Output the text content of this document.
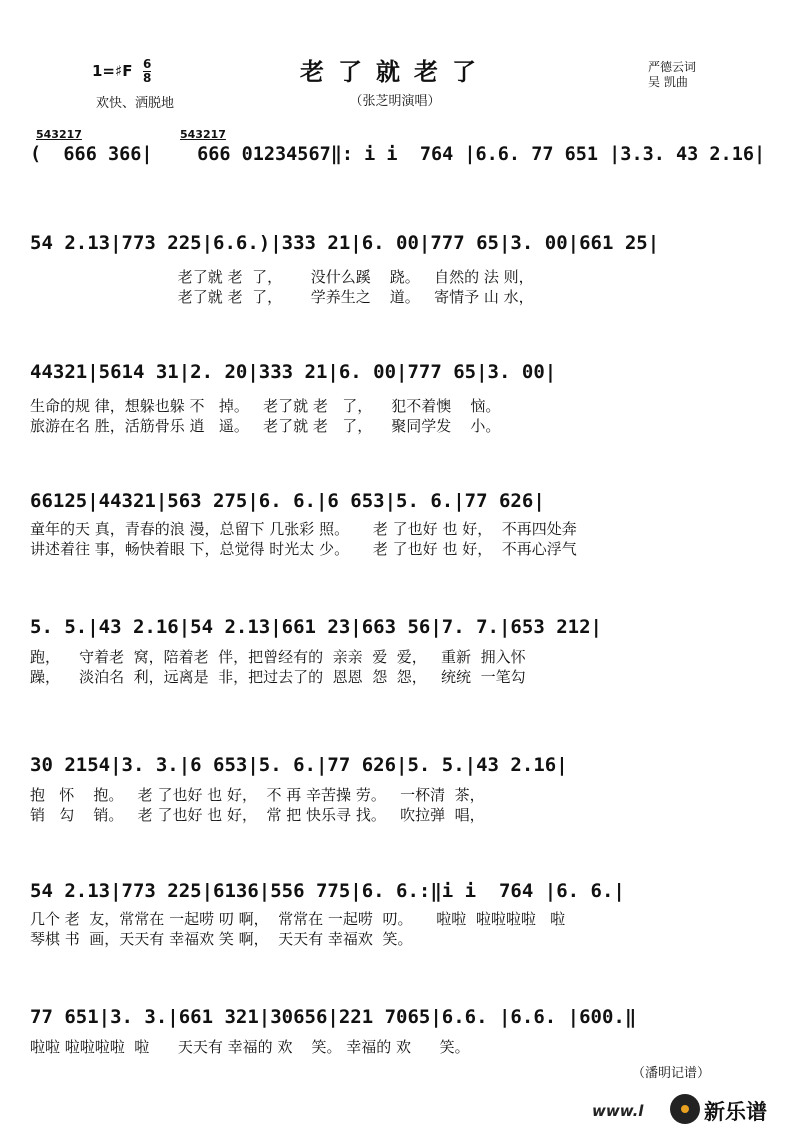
老了就老了
（张芝明演唱）
1=♯F 6
8
欢快、洒脱地
严德云词
吴 凯曲
543217	543217
(  666 366|    666 01234567‖: i i  764 |6.6. 77 651 |3.3. 43 2.16|
54 2.13|773 225|6.6.)|333 21|6. 00|777 65|3. 00|661 25|
老了就 老  了，      没什么蹊    跷。   自然的 法 则，
老了就 老  了，      学养生之    道。   寄情予 山 水，
44321|5614 31|2. 20|333 21|6. 00|777 65|3. 00|
生命的规 律，想躲也躲 不   掉。   老了就 老   了，    犯不着懊    恼。
旅游在名 胜，活筋骨乐 逍   遥。   老了就 老   了，    聚同学发    小。
66125|44321|563 275|6. 6.|6 653|5. 6.|77 626|
童年的天 真，青春的浪 漫，总留下 几张彩 照。     老 了也好 也 好，  不再四处奔
讲述着往 事，畅快着眼 下，总觉得 时光太 少。     老 了也好 也 好，  不再心浮气
5. 5.|43 2.16|54 2.13|661 23|663 56|7. 7.|653 212|
跑，    守着老  窝，陪着老  伴，把曾经有的  亲亲  爱  爱，   重新  拥入怀
躁，    淡泊名  利，远离是  非，把过去了的  恩恩  怨  怨，   统统  一笔勾
30 2154|3. 3.|6 653|5. 6.|77 626|5. 5.|43 2.16|
抱   怀    抱。   老 了也好 也 好，  不 再 辛苦操 劳。   一杯清  茶，
销   勾    销。   老 了也好 也 好，  常 把 快乐寻 找。   吹拉弹  唱，
54 2.13|773 225|6136|556 775|6. 6.:‖i i  764 |6. 6.|
几个 老  友，常常在 一起唠 叨 啊，  常常在 一起唠  叨。     啦啦  啦啦啦啦   啦
琴棋 书  画，天天有 幸福欢 笑 啊，  天天有 幸福欢  笑。
77 651|3. 3.|661 321|30656|221 7065|6.6. |6.6. |600.‖
啦啦 啦啦啦啦  啦      天天有 幸福的 欢    笑。 幸福的 欢      笑。
（潘明记谱）
www.l	新乐谱
